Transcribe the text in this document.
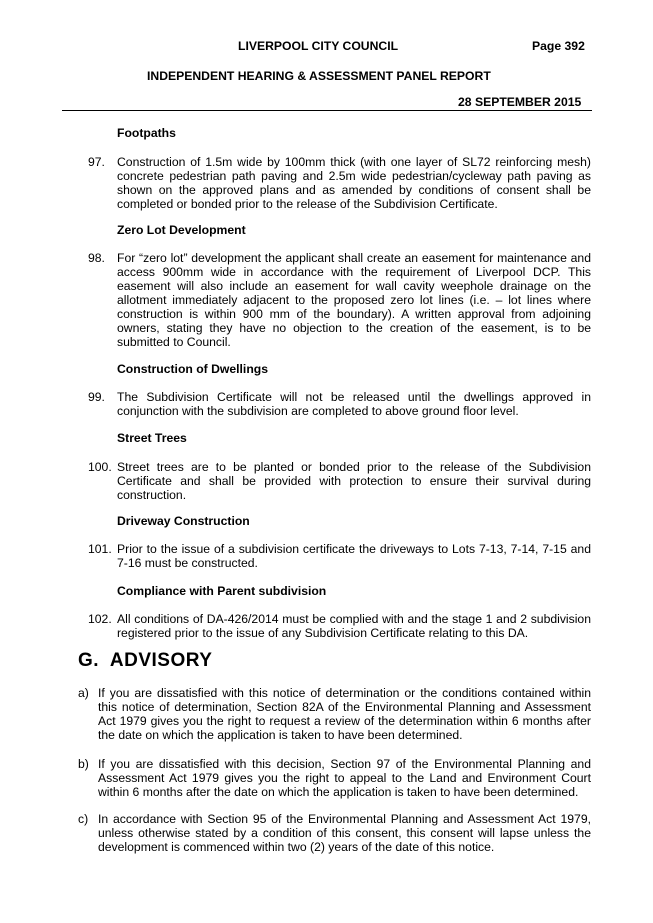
LIVERPOOL CITY COUNCIL	Page 392
INDEPENDENT HEARING & ASSESSMENT PANEL REPORT
28 SEPTEMBER 2015
Footpaths
97. Construction of 1.5m wide by 100mm thick (with one layer of SL72 reinforcing mesh) concrete pedestrian path paving and 2.5m wide pedestrian/cycleway path paving as shown on the approved plans and as amended by conditions of consent shall be completed or bonded prior to the release of the Subdivision Certificate.
Zero Lot Development
98. For “zero lot” development the applicant shall create an easement for maintenance and access 900mm wide in accordance with the requirement of Liverpool DCP. This easement will also include an easement for wall cavity weephole drainage on the allotment immediately adjacent to the proposed zero lot lines (i.e. – lot lines where construction is within 900 mm of the boundary). A written approval from adjoining owners, stating they have no objection to the creation of the easement, is to be submitted to Council.
Construction of Dwellings
99. The Subdivision Certificate will not be released until the dwellings approved in conjunction with the subdivision are completed to above ground floor level.
Street Trees
100. Street trees are to be planted or bonded prior to the release of the Subdivision Certificate and shall be provided with protection to ensure their survival during construction.
Driveway Construction
101. Prior to the issue of a subdivision certificate the driveways to Lots 7-13, 7-14, 7-15 and 7-16 must be constructed.
Compliance with Parent subdivision
102. All conditions of DA-426/2014 must be complied with and the stage 1 and 2 subdivision registered prior to the issue of any Subdivision Certificate relating to this DA.
G.  ADVISORY
a) If you are dissatisfied with this notice of determination or the conditions contained within this notice of determination, Section 82A of the Environmental Planning and Assessment Act 1979 gives you the right to request a review of the determination within 6 months after the date on which the application is taken to have been determined.
b) If you are dissatisfied with this decision, Section 97 of the Environmental Planning and Assessment Act 1979 gives you the right to appeal to the Land and Environment Court within 6 months after the date on which the application is taken to have been determined.
c) In accordance with Section 95 of the Environmental Planning and Assessment Act 1979, unless otherwise stated by a condition of this consent, this consent will lapse unless the development is commenced within two (2) years of the date of this notice.
